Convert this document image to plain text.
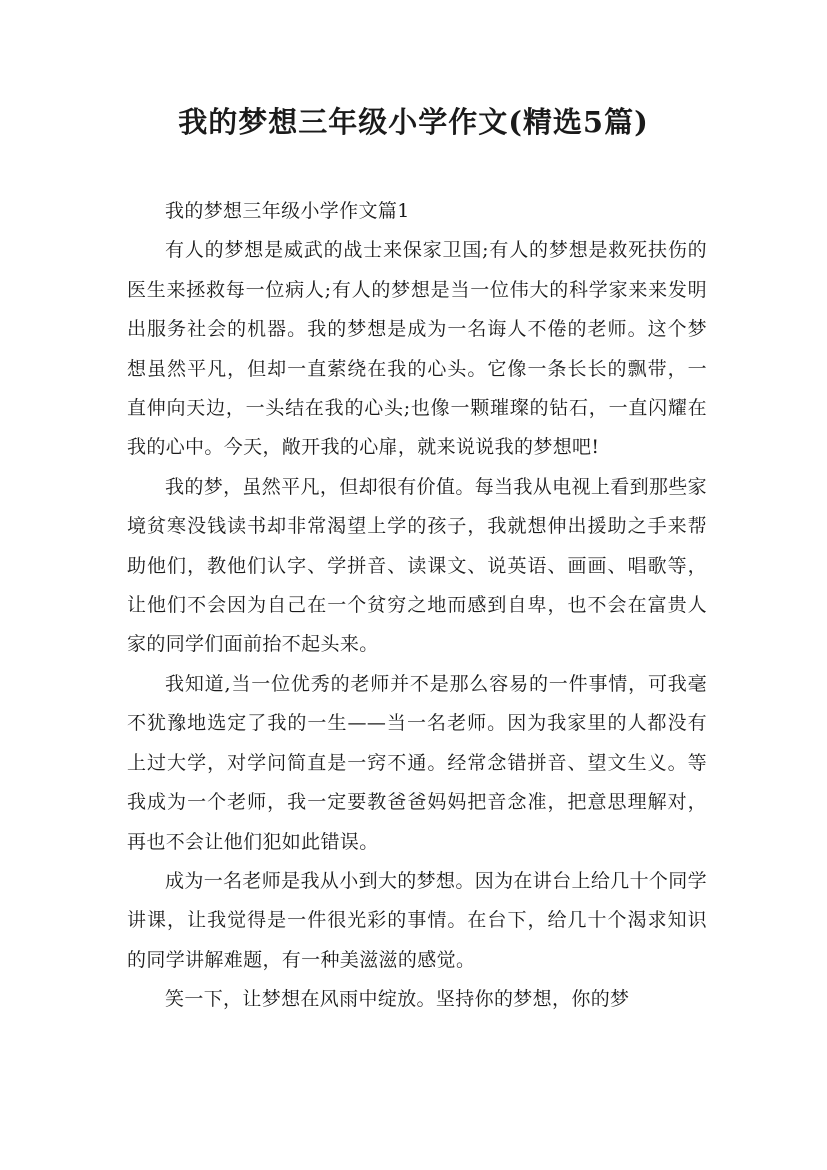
我的梦想三年级小学作文(精选5篇)

我的梦想三年级小学作文篇1

有人的梦想是威武的战士来保家卫国;有人的梦想是救死扶伤的医生来拯救每一位病人;有人的梦想是当一位伟大的科学家来来发明出服务社会的机器。我的梦想是成为一名诲人不倦的老师。这个梦想虽然平凡，但却一直萦绕在我的心头。它像一条长长的飘带，一直伸向天边，一头结在我的心头;也像一颗璀璨的钻石，一直闪耀在我的心中。今天，敞开我的心扉，就来说说我的梦想吧!

我的梦，虽然平凡，但却很有价值。每当我从电视上看到那些家境贫寒没钱读书却非常渴望上学的孩子，我就想伸出援助之手来帮助他们，教他们认字、学拼音、读课文、说英语、画画、唱歌等，让他们不会因为自己在一个贫穷之地而感到自卑，也不会在富贵人家的同学们面前抬不起头来。

我知道,当一位优秀的老师并不是那么容易的一件事情，可我毫不犹豫地选定了我的一生——当一名老师。因为我家里的人都没有上过大学，对学问简直是一窍不通。经常念错拼音、望文生义。等我成为一个老师，我一定要教爸爸妈妈把音念准，把意思理解对，再也不会让他们犯如此错误。

成为一名老师是我从小到大的梦想。因为在讲台上给几十个同学讲课，让我觉得是一件很光彩的事情。在台下，给几十个渴求知识的同学讲解难题，有一种美滋滋的感觉。

笑一下，让梦想在风雨中绽放。坚持你的梦想，你的梦
